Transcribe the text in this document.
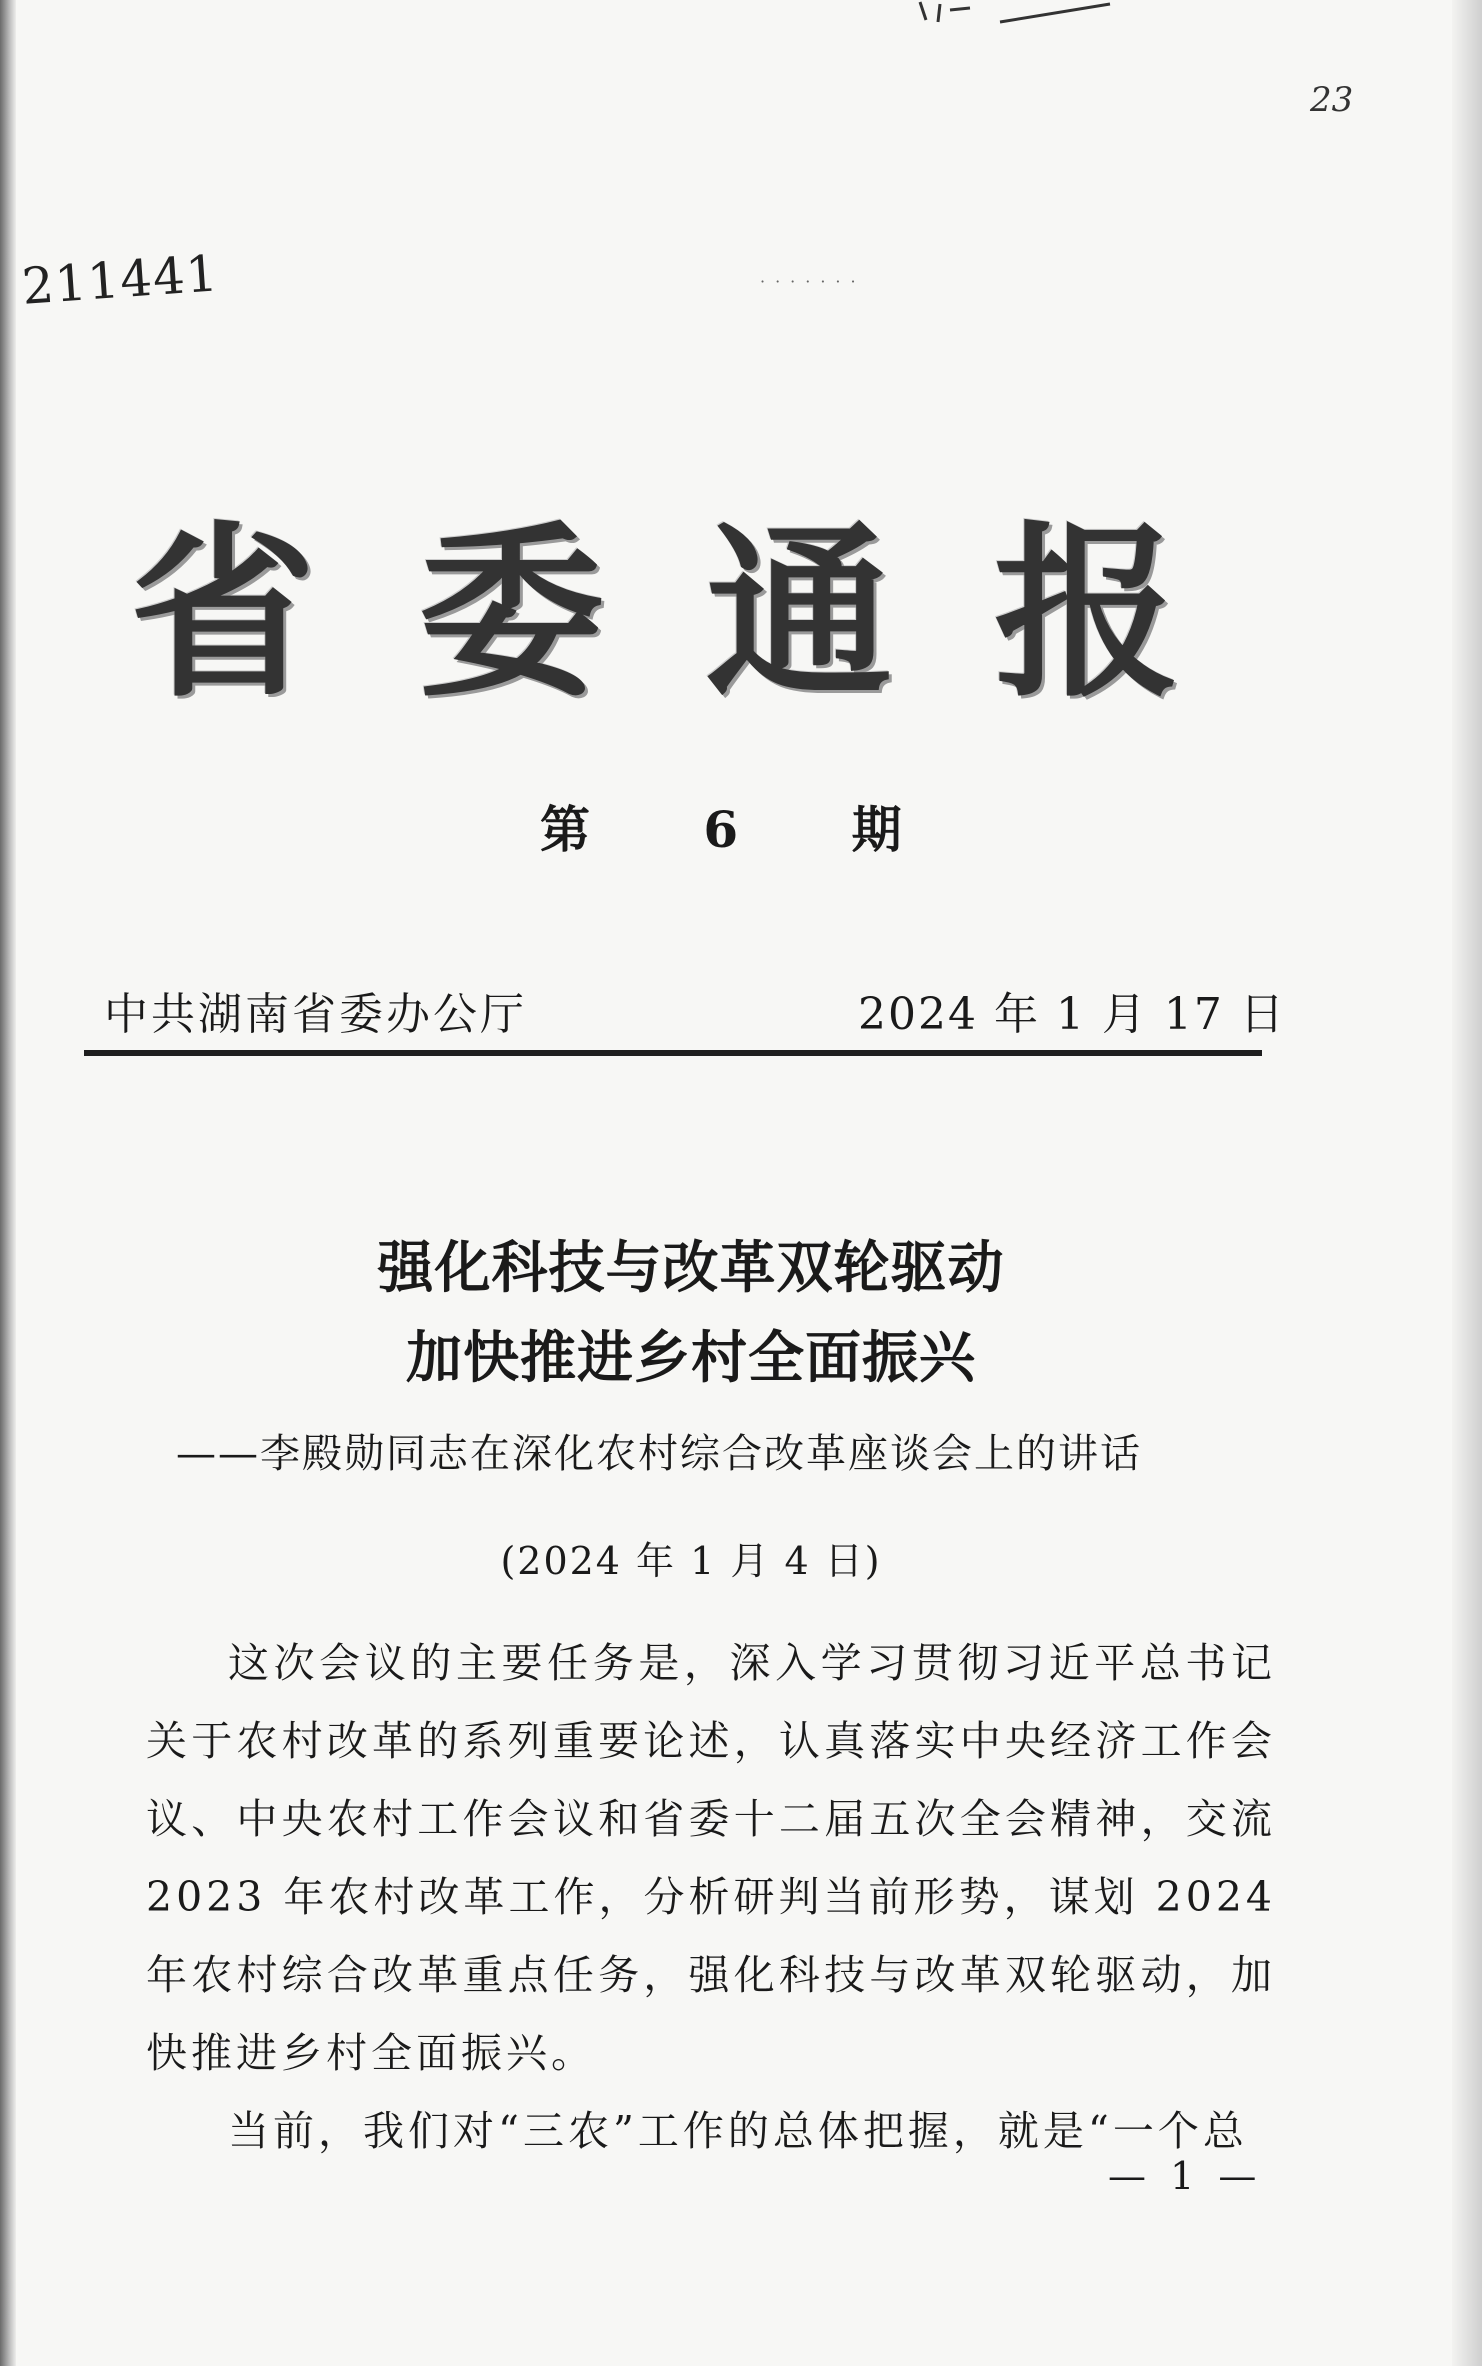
23
211441	·······
省 委 通 报
第 6 期
中共湖南省委办公厅	2024 年 1 月 17 日
强化科技与改革双轮驱动
加快推进乡村全面振兴
——李殿勋同志在深化农村综合改革座谈会上的讲话
(2024 年 1 月 4 日)

这次会议的主要任务是，深入学习贯彻习近平总书记关于农村改革的系列重要论述，认真落实中央经济工作会议、中央农村工作会议和省委十二届五次全会精神，交流 2023 年农村改革工作，分析研判当前形势，谋划 2024 年农村综合改革重点任务，强化科技与改革双轮驱动，加快推进乡村全面振兴。

当前，我们对“三农”工作的总体把握，就是“一个总

— 1 —
